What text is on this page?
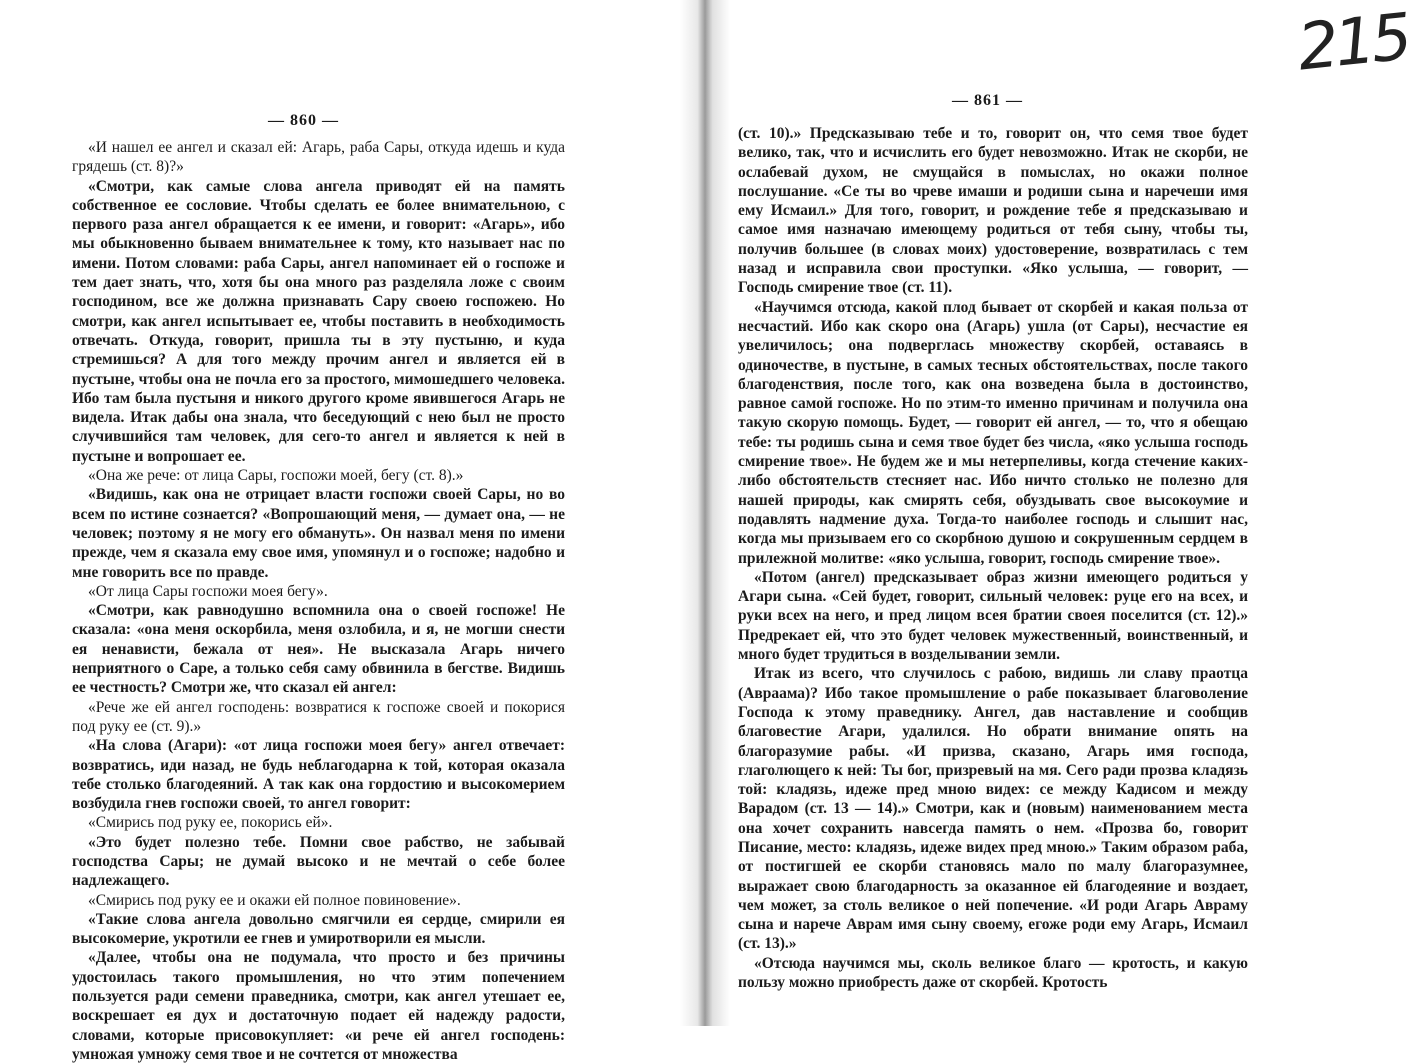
— 860 —

«И нашел ее ангел и сказал ей: Агарь, раба Сары, откуда идешь и куда грядешь (ст. 8)?»

«Смотри, как самые слова ангела приводят ей на память собственное ее сословие. Чтобы сделать ее более внимательною, с первого раза ангел обращается к ее имени, и говорит: «Агарь», ибо мы обыкновенно бываем внимательнее к тому, кто называет нас по имени. Потом словами: раба Сары, ангел напоминает ей о госпоже и тем дает знать, что, хотя бы она много раз разделяла ложе с своим господином, все же должна признавать Сару своею госпожею. Но смотри, как ангел испытывает ее, чтобы поставить в необходимость отвечать. Откуда, говорит, пришла ты в эту пустыню, и куда стремишься? А для того между прочим ангел и является ей в пустыне, чтобы она не почла его за простого, мимошедшего человека. Ибо там была пустыня и никого другого кроме явившегося Агарь не видела. Итак дабы она знала, что беседующий с нею был не просто случившийся там человек, для сего-то ангел и является к ней в пустыне и вопрошает ее.

«Она же рече: от лица Сары, госпожи моей, бегу (ст. 8).»

«Видишь, как она не отрицает власти госпожи своей Сары, но во всем по истине сознается? «Вопрошающий меня, — думает она, — не человек; поэтому я не могу его обмануть». Он назвал меня по имени прежде, чем я сказала ему свое имя, упомянул и о госпоже; надобно и мне говорить все по правде.

«От лица Сары госпожи моея бегу».

«Смотри, как равнодушно вспомнила она о своей госпоже! Не сказала: «она меня оскорбила, меня озлобила, и я, не могши снести ея ненависти, бежала от нея». Не высказала Агарь ничего неприятного о Саре, а только себя саму обвинила в бегстве. Видишь ее честность? Смотри же, что сказал ей ангел:

«Рече же ей ангел господень: возвратися к госпоже своей и покорися под руку ее (ст. 9).»

«На слова (Агари): «от лица госпожи моея бегу» ангел отвечает: возвратись, иди назад, не будь неблагодарна к той, которая оказала тебе столько благодеяний. А так как она гордостию и высокомерием возбудила гнев госпожи своей, то ангел говорит:

«Смирись под руку ее, покорись ей».

«Это будет полезно тебе. Помни свое рабство, не забывай господства Сары; не думай высоко и не мечтай о себе более надлежащего.

«Смирись под руку ее и окажи ей полное повиновение».

«Такие слова ангела довольно смягчили ея сердце, смирили ея высокомерие, укротили ее гнев и умиротворили ея мысли.

«Далее, чтобы она не подумала, что просто и без причины удостоилась такого промышления, но что этим попечением пользуется ради семени праведника, смотри, как ангел утешает ее, воскрешает ея дух и достаточную подает ей надежду радости, словами, которые присовокупляет: «и рече ей ангел господень: умножая умножу семя твое и не сочтется от множества

— 861 —

(ст. 10).» Предсказываю тебе и то, говорит он, что семя твое будет велико, так, что и исчислить его будет невозможно. Итак не скорби, не ослабевай духом, не смущайся в помыслах, но окажи полное послушание. «Се ты во чреве имаши и родиши сына и наречеши имя ему Исмаил.» Для того, говорит, и рождение тебе я предсказываю и самое имя назначаю имеющему родиться от тебя сыну, чтобы ты, получив большее (в словах моих) удостоверение, возвратилась с тем назад и исправила свои проступки. «Яко услыша, — говорит, — Господь смирение твое (ст. 11).

«Научимся отсюда, какой плод бывает от скорбей и какая польза от несчастий. Ибо как скоро она (Агарь) ушла (от Сары), несчастие ея увеличилось; она подверглась множеству скорбей, оставаясь в одиночестве, в пустыне, в самых тесных обстоятельствах, после такого благоденствия, после того, как она возведена была в достоинство, равное самой госпоже. Но по этим-то именно причинам и получила она такую скорую помощь. Будет, — говорит ей ангел, — то, что я обещаю тебе: ты родишь сына и семя твое будет без числа, «яко услыша господь смирение твое». Не будем же и мы нетерпеливы, когда стечение каких-либо обстоятельств стесняет нас. Ибо ничто столько не полезно для нашей природы, как смирять себя, обуздывать свое высокоумие и подавлять надмение духа. Тогда-то наиболее господь и слышит нас, когда мы призываем его со скорбною душою и сокрушенным сердцем в прилежной молитве: «яко услыша, говорит, господь смирение твое».

«Потом (ангел) предсказывает образ жизни имеющего родиться у Агари сына. «Сей будет, говорит, сильный человек: руце его на всех, и руки всех на него, и пред лицом всея братии своея поселится (ст. 12).» Предрекает ей, что это будет человек мужественный, воинственный, и много будет трудиться в возделывании земли.

Итак из всего, что случилось с рабою, видишь ли славу праотца (Авраама)? Ибо такое промышление о рабе показывает благоволение Господа к этому праведнику. Ангел, дав наставление и сообщив благовестие Агари, удалился. Но обрати внимание опять на благоразумие рабы. «И призва, сказано, Агарь имя господа, глаголющего к ней: Ты бог, призревый на мя. Сего ради прозва кладязь той: кладязь, идеже пред мною видех: се между Кадисом и между Варадом (ст. 13 — 14).» Смотри, как и (новым) наименованием места она хочет сохранить навсегда память о нем. «Прозва бо, говорит Писание, место: кладязь, идеже видех пред мною.» Таким образом раба, от постигшей ее скорби становясь мало по малу благоразумнее, выражает свою благодарность за оказанное ей благодеяние и воздает, чем может, за столь великое о ней попечение. «И роди Агарь Авраму сына и нарече Аврам имя сыну своему, егоже роди ему Агарь, Исмаил (ст. 13).»

«Отсюда научимся мы, сколь великое благо — кротость, и какую пользу можно приобресть даже от скорбей. Кротость

215
